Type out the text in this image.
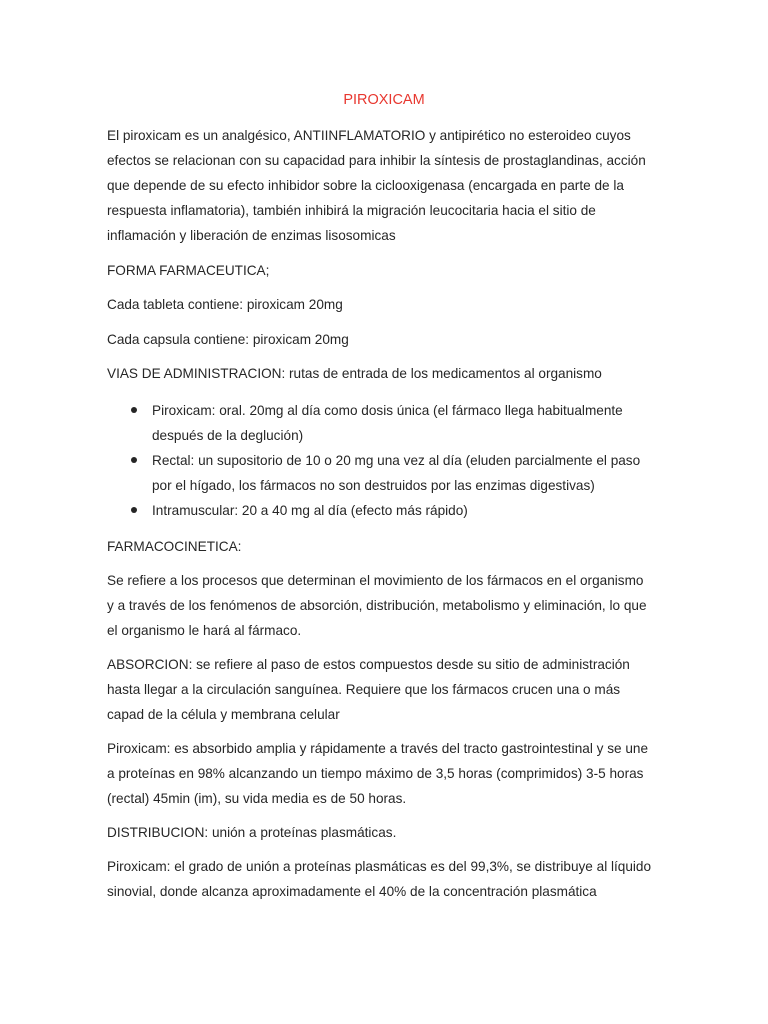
PIROXICAM

El piroxicam es un analgésico, ANTIINFLAMATORIO y antipirético no esteroideo cuyos
efectos se relacionan con su capacidad para inhibir la síntesis de prostaglandinas, acción
que depende de su efecto inhibidor sobre la ciclooxigenasa (encargada en parte de la
respuesta inflamatoria), también inhibirá la migración leucocitaria hacia el sitio de
inflamación y liberación de enzimas lisosomicas

FORMA FARMACEUTICA;

Cada tableta contiene: piroxicam 20mg

Cada capsula contiene: piroxicam 20mg

VIAS DE ADMINISTRACION: rutas de entrada de los medicamentos al organismo

Piroxicam: oral. 20mg al día como dosis única (el fármaco llega habitualmente
después de la deglución)
Rectal: un supositorio de 10 o 20 mg una vez al día (eluden parcialmente el paso
por el hígado, los fármacos no son destruidos por las enzimas digestivas)
Intramuscular: 20 a 40 mg al día (efecto más rápido)

FARMACOCINETICA:

Se refiere a los procesos que determinan el movimiento de los fármacos en el organismo
y a través de los fenómenos de absorción, distribución, metabolismo y eliminación, lo que
el organismo le hará al fármaco.

ABSORCION: se refiere al paso de estos compuestos desde su sitio de administración
hasta llegar a la circulación sanguínea. Requiere que los fármacos crucen una o más
capad de la célula y membrana celular

Piroxicam: es absorbido amplia y rápidamente a través del tracto gastrointestinal y se une
a proteínas en 98% alcanzando un tiempo máximo de 3,5 horas (comprimidos) 3-5 horas
(rectal) 45min (im), su vida media es de 50 horas.

DISTRIBUCION: unión a proteínas plasmáticas.

Piroxicam: el grado de unión a proteínas plasmáticas es del 99,3%, se distribuye al líquido
sinovial, donde alcanza aproximadamente el 40% de la concentración plasmática
